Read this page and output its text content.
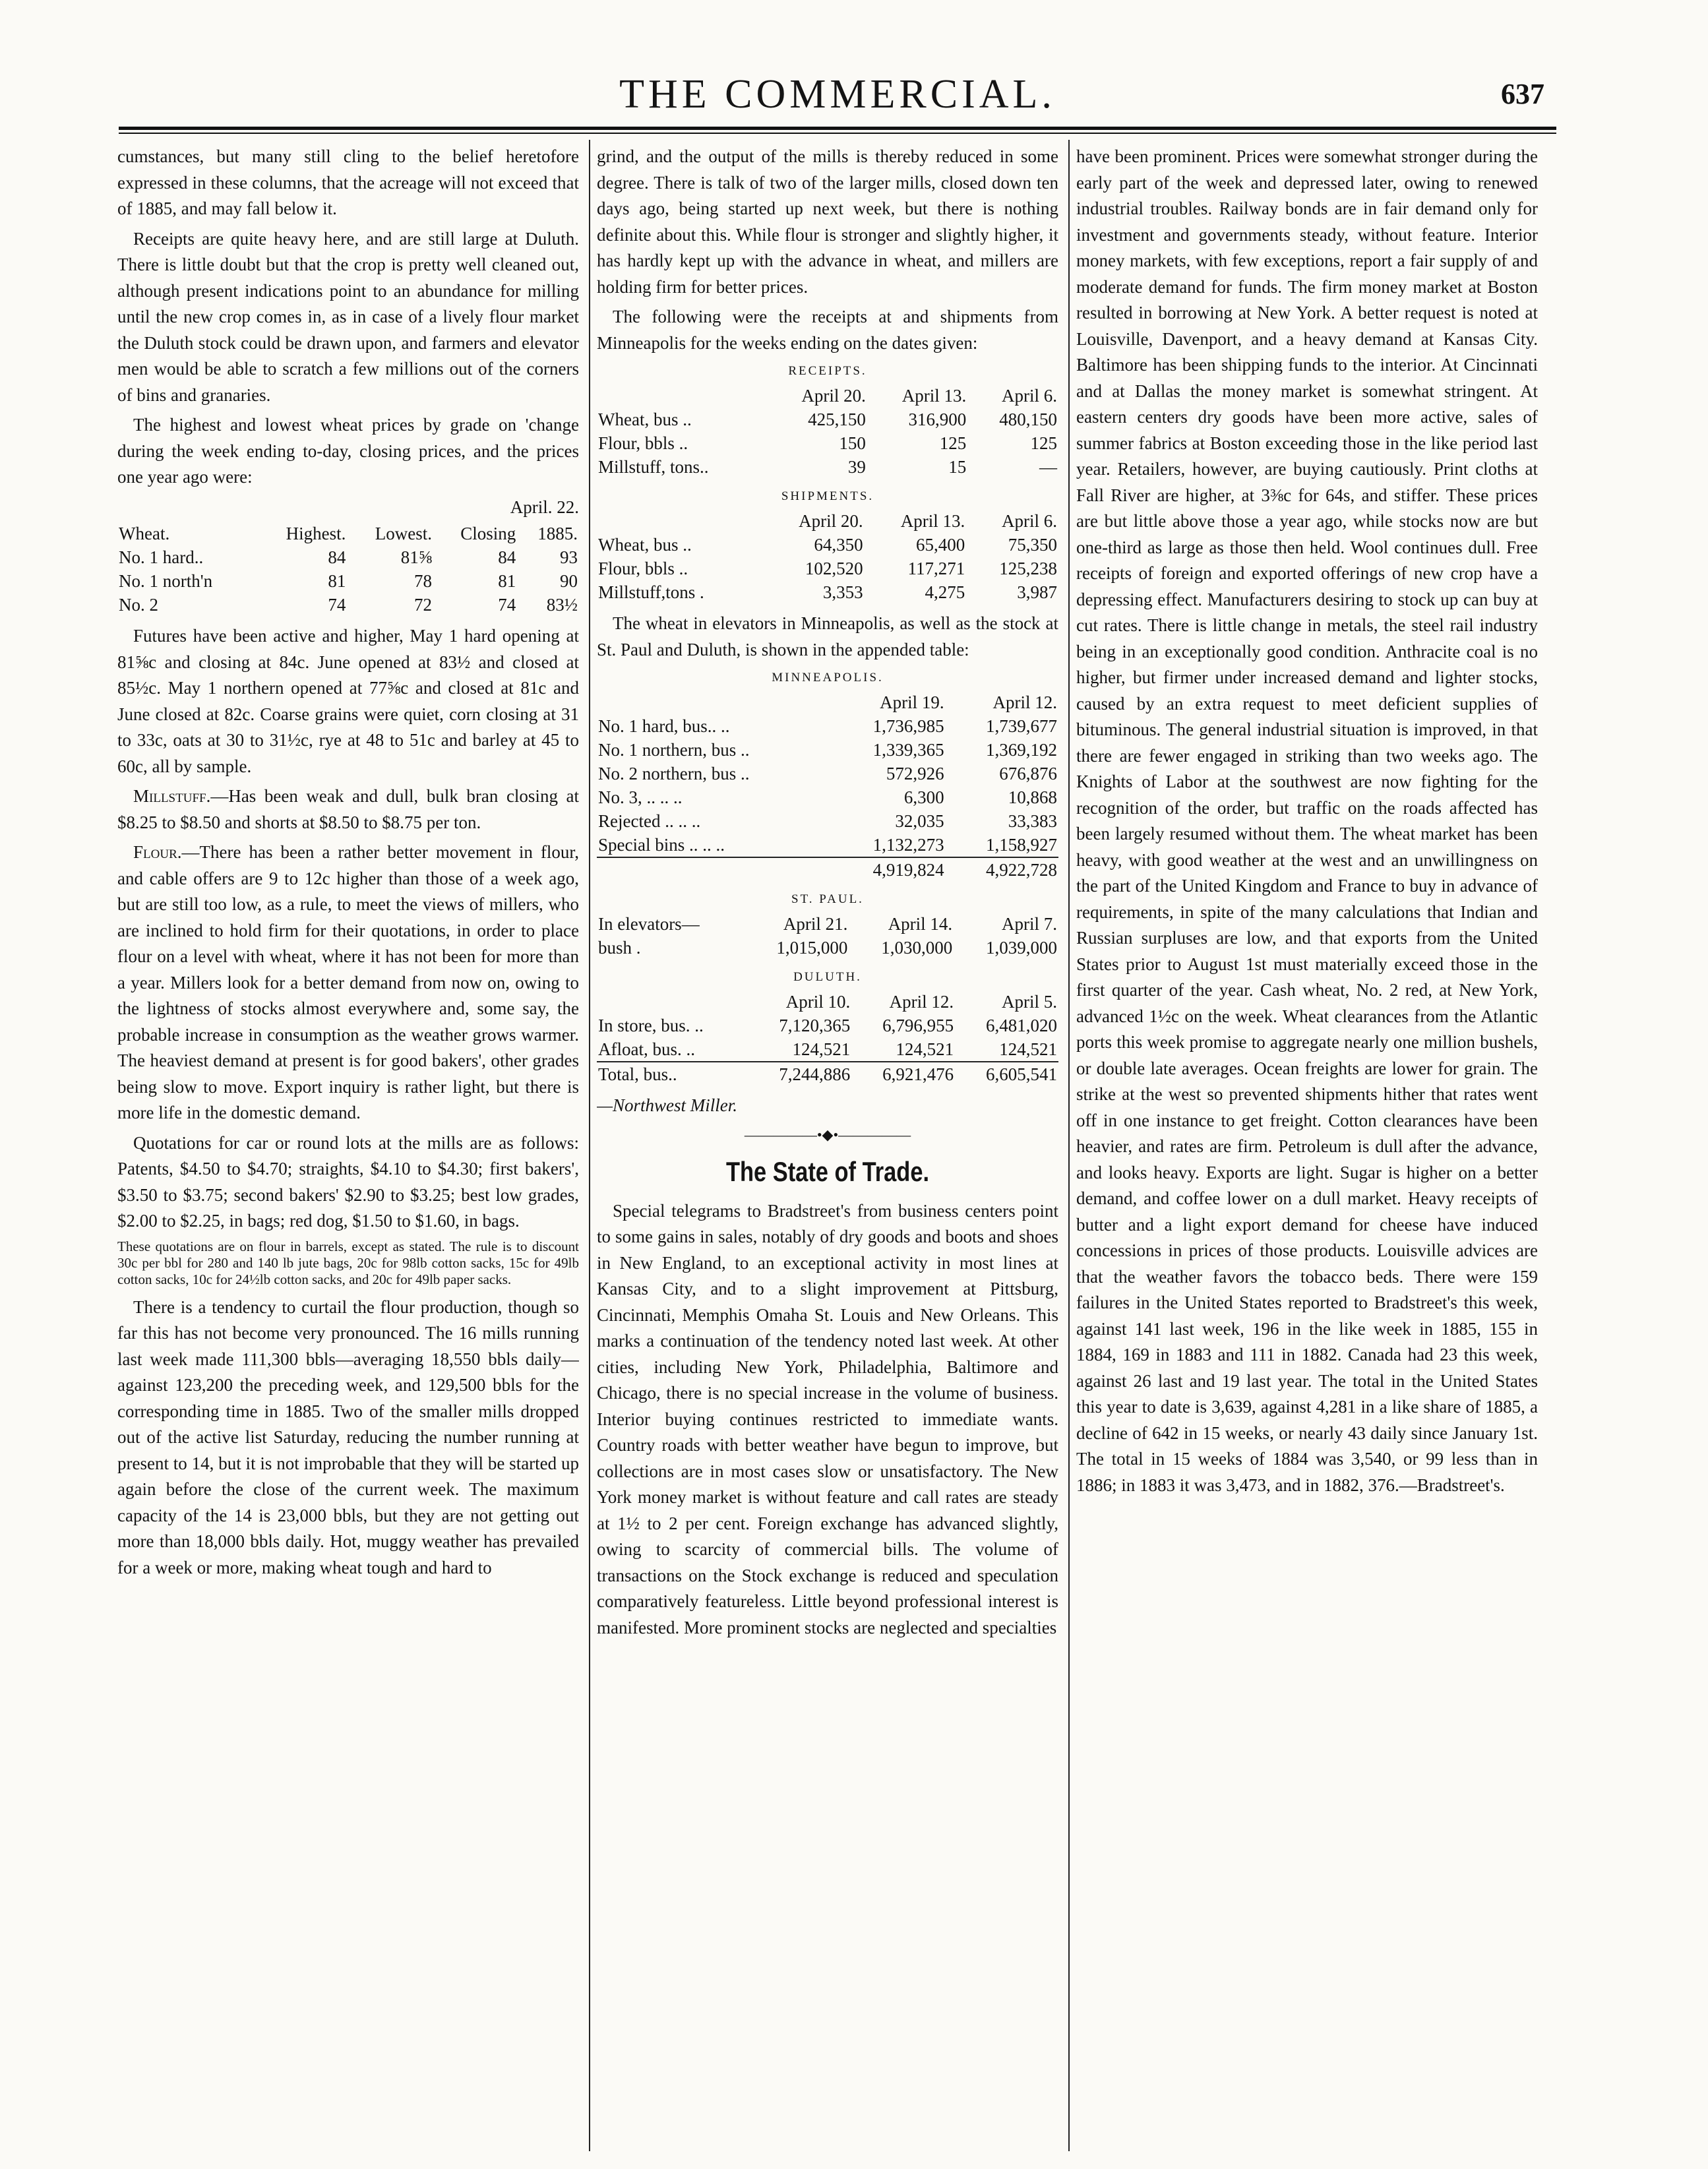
THE COMMERCIAL.	637

cumstances, but many still cling to the belief heretofore expressed in these columns, that the acreage will not exceed that of 1885, and may fall below it.

Receipts are quite heavy here, and are still large at Duluth. There is little doubt but that the crop is pretty well cleaned out, although present indications point to an abundance for milling until the new crop comes in, as in case of a lively flour market the Duluth stock could be drawn upon, and farmers and elevator men would be able to scratch a few millions out of the corners of bins and granaries.

The highest and lowest wheat prices by grade on 'change during the week ending to-day, closing prices, and the prices one year ago were:

April. 22.

Wheat.	Highest.	Lowest.	Closing	1885.
No. 1 hard..	84	81⅝	84	93
No. 1 north'n	81	78	81	90
No. 2	74	72	74	83½

Futures have been active and higher, May 1 hard opening at 81⅝c and closing at 84c. June opened at 83½ and closed at 85½c. May 1 northern opened at 77⅝c and closed at 81c and June closed at 82c. Coarse grains were quiet, corn closing at 31 to 33c, oats at 30 to 31½c, rye at 48 to 51c and barley at 45 to 60c, all by sample.

Millstuff.—Has been weak and dull, bulk bran closing at $8.25 to $8.50 and shorts at $8.50 to $8.75 per ton.

Flour.—There has been a rather better movement in flour, and cable offers are 9 to 12c higher than those of a week ago, but are still too low, as a rule, to meet the views of millers, who are inclined to hold firm for their quotations, in order to place flour on a level with wheat, where it has not been for more than a year. Millers look for a better demand from now on, owing to the lightness of stocks almost everywhere and, some say, the probable increase in consumption as the weather grows warmer. The heaviest demand at present is for good bakers', other grades being slow to move. Export inquiry is rather light, but there is more life in the domestic demand.

Quotations for car or round lots at the mills are as follows: Patents, $4.50 to $4.70; straights, $4.10 to $4.30; first bakers', $3.50 to $3.75; second bakers' $2.90 to $3.25; best low grades, $2.00 to $2.25, in bags; red dog, $1.50 to $1.60, in bags.

These quotations are on flour in barrels, except as stated. The rule is to discount 30c per bbl for 280 and 140 lb jute bags, 20c for 98lb cotton sacks, 15c for 49lb cotton sacks, 10c for 24½lb cotton sacks, and 20c for 49lb paper sacks.

There is a tendency to curtail the flour production, though so far this has not become very pronounced. The 16 mills running last week made 111,300 bbls—averaging 18,550 bbls daily—against 123,200 the preceding week, and 129,500 bbls for the corresponding time in 1885. Two of the smaller mills dropped out of the active list Saturday, reducing the number running at present to 14, but it is not improbable that they will be started up again before the close of the current week. The maximum capacity of the 14 is 23,000 bbls, but they are not getting out more than 18,000 bbls daily. Hot, muggy weather has prevailed for a week or more, making wheat tough and hard to

grind, and the output of the mills is thereby reduced in some degree. There is talk of two of the larger mills, closed down ten days ago, being started up next week, but there is nothing definite about this. While flour is stronger and slightly higher, it has hardly kept up with the advance in wheat, and millers are holding firm for better prices.

The following were the receipts at and shipments from Minneapolis for the weeks ending on the dates given:

RECEIPTS.
	April 20.	April 13.	April 6.
Wheat, bus ..	425,150	316,900	480,150
Flour, bbls ..	150	125	125
Millstuff, tons..	39	15	—
SHIPMENTS.
	April 20.	April 13.	April 6.
Wheat, bus ..	64,350	65,400	75,350
Flour, bbls ..	102,520	117,271	125,238
Millstuff,tons .	3,353	4,275	3,987

The wheat in elevators in Minneapolis, as well as the stock at St. Paul and Duluth, is shown in the appended table:

MINNEAPOLIS.
	April 19.	April 12.
No. 1 hard, bus.. ..	1,736,985	1,739,677
No. 1 northern, bus ..	1,339,365	1,369,192
No. 2 northern, bus ..	572,926	676,876
No. 3, .. .. ..	6,300	10,868
Rejected .. .. ..	32,035	33,383
Special bins .. .. ..	1,132,273	1,158,927
	4,919,824	4,922,728
ST. PAUL.
In elevators—	April 21.	April 14.	April 7.
bush .	1,015,000	1,030,000	1,039,000
DULUTH.
	April 10.	April 12.	April 5.
In store, bus. ..	7,120,365	6,796,955	6,481,020
Afloat, bus. ..	124,521	124,521	124,521
Total, bus..	7,244,886	6,921,476	6,605,541

—Northwest Miller.

—————•◆•—————
The State of Trade.

Special telegrams to Bradstreet's from business centers point to some gains in sales, notably of dry goods and boots and shoes in New England, to an exceptional activity in most lines at Kansas City, and to a slight improvement at Pittsburg, Cincinnati, Memphis Omaha St. Louis and New Orleans. This marks a continuation of the tendency noted last week. At other cities, including New York, Philadelphia, Baltimore and Chicago, there is no special increase in the volume of business. Interior buying continues restricted to immediate wants. Country roads with better weather have begun to improve, but collections are in most cases slow or unsatisfactory. The New York money market is without feature and call rates are steady at 1½ to 2 per cent. Foreign exchange has advanced slightly, owing to scarcity of commercial bills. The volume of transactions on the Stock exchange is reduced and speculation comparatively featureless. Little beyond professional interest is manifested. More prominent stocks are neglected and specialties

have been prominent. Prices were somewhat stronger during the early part of the week and depressed later, owing to renewed industrial troubles. Railway bonds are in fair demand only for investment and governments steady, without feature. Interior money markets, with few exceptions, report a fair supply of and moderate demand for funds. The firm money market at Boston resulted in borrowing at New York. A better request is noted at Louisville, Davenport, and a heavy demand at Kansas City. Baltimore has been shipping funds to the interior. At Cincinnati and at Dallas the money market is somewhat stringent. At eastern centers dry goods have been more active, sales of summer fabrics at Boston exceeding those in the like period last year. Retailers, however, are buying cautiously. Print cloths at Fall River are higher, at 3⅜c for 64s, and stiffer. These prices are but little above those a year ago, while stocks now are but one-third as large as those then held. Wool continues dull. Free receipts of foreign and exported offerings of new crop have a depressing effect. Manufacturers desiring to stock up can buy at cut rates. There is little change in metals, the steel rail industry being in an exceptionally good condition. Anthracite coal is no higher, but firmer under increased demand and lighter stocks, caused by an extra request to meet deficient supplies of bituminous. The general industrial situation is improved, in that there are fewer engaged in striking than two weeks ago. The Knights of Labor at the southwest are now fighting for the recognition of the order, but traffic on the roads affected has been largely resumed without them. The wheat market has been heavy, with good weather at the west and an unwillingness on the part of the United Kingdom and France to buy in advance of requirements, in spite of the many calculations that Indian and Russian surpluses are low, and that exports from the United States prior to August 1st must materially exceed those in the first quarter of the year. Cash wheat, No. 2 red, at New York, advanced 1½c on the week. Wheat clearances from the Atlantic ports this week promise to aggregate nearly one million bushels, or double late averages. Ocean freights are lower for grain. The strike at the west so prevented shipments hither that rates went off in one instance to get freight. Cotton clearances have been heavier, and rates are firm. Petroleum is dull after the advance, and looks heavy. Exports are light. Sugar is higher on a better demand, and coffee lower on a dull market. Heavy receipts of butter and a light export demand for cheese have induced concessions in prices of those products. Louisville advices are that the weather favors the tobacco beds. There were 159 failures in the United States reported to Bradstreet's this week, against 141 last week, 196 in the like week in 1885, 155 in 1884, 169 in 1883 and 111 in 1882. Canada had 23 this week, against 26 last and 19 last year. The total in the United States this year to date is 3,639, against 4,281 in a like share of 1885, a decline of 642 in 15 weeks, or nearly 43 daily since January 1st. The total in 15 weeks of 1884 was 3,540, or 99 less than in 1886; in 1883 it was 3,473, and in 1882, 376.—Bradstreet's.
